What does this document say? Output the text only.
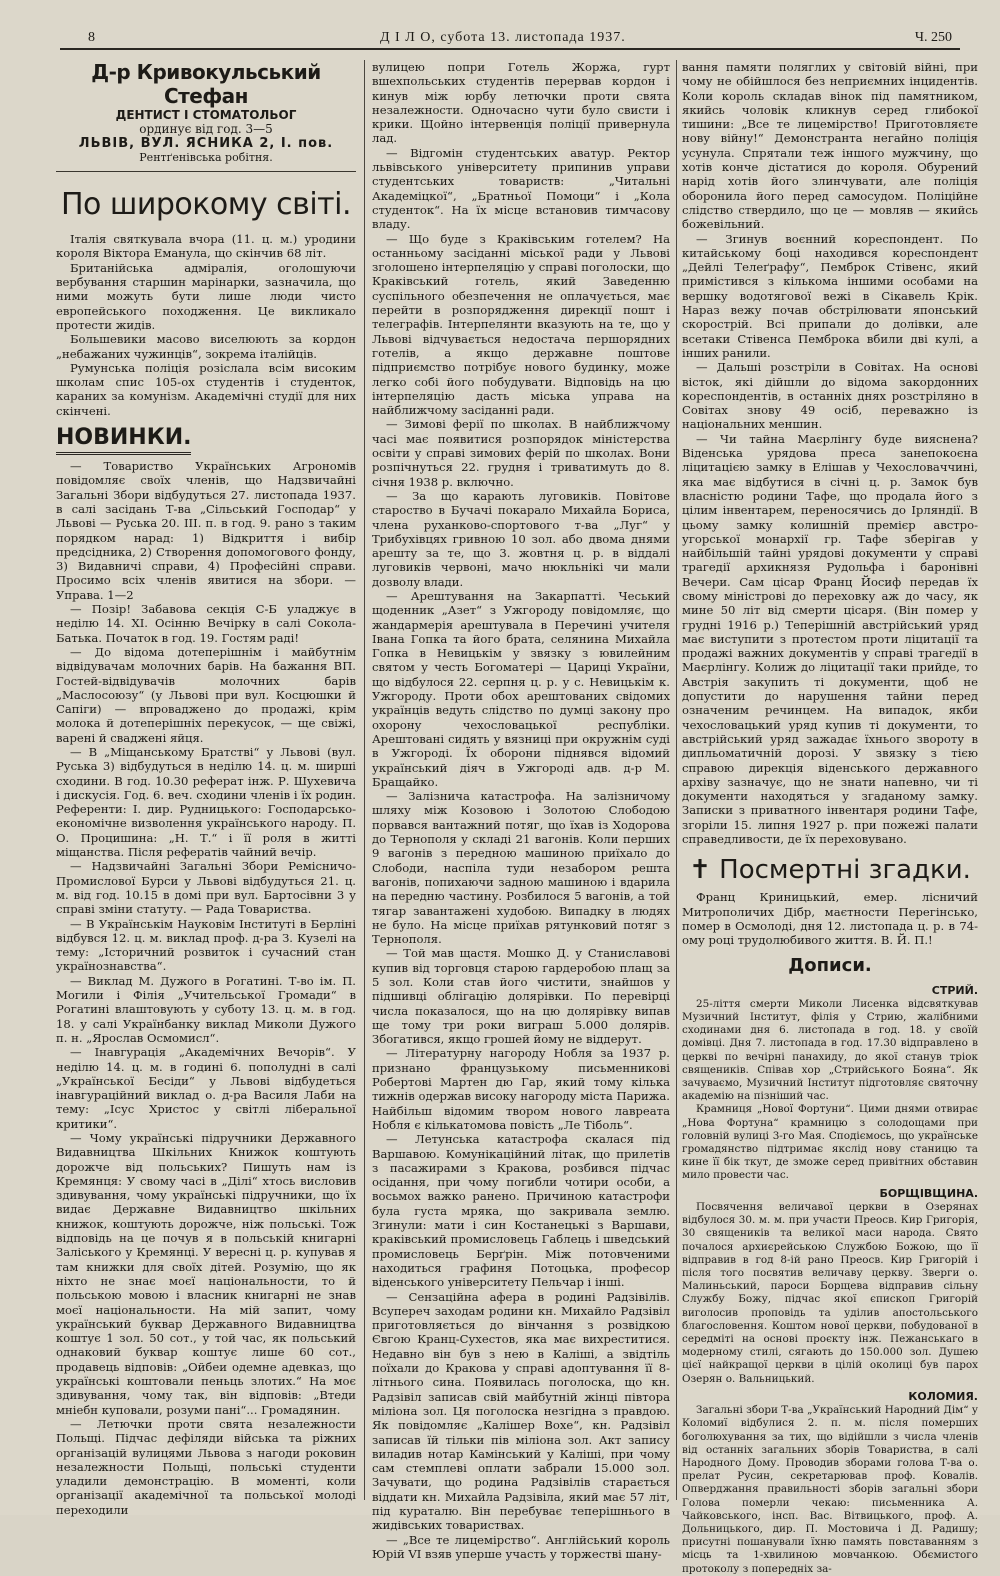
8	Д І Л О, субота 13. листопада 1937.	Ч. 250
Д-р Кривокульський Стефан
ДЕНТИСТ І СТОМАТОЛЬОГ
ординує від год. 3—5
ЛЬВІВ, ВУЛ. ЯСНИКА 2, І. пов.
Рентґенівська робітня.
По широкому світі.

Італія святкувала вчора (11. ц. м.) уродини короля Віктора Еманула, що скінчив 68 літ.

Британійська адміралія, оголошуючи вербування старшин марінарки, зазначила, що ними можуть бути лише люди чисто европейського походження. Це викликало протести жидів.

Большевики масово виселюють за кордон „небажаних чужинців“, зокрема італійців.

Румунська поліція розіслала всім високим школам спис 105-ох студентів і студенток, караних за комунізм. Академічні студії для них скінчені.

НОВИНКИ.

— Товариство Українських Агрономів повідомляє своїх членів, що Надзвичайні Загальні Збори відбудуться 27. листопада 1937. в салі засідань Т-ва „Сільський Господар“ у Львові — Руська 20. ІІІ. п. в год. 9. рано з таким порядком нарад: 1) Відкриття і вибір предсідника, 2) Створення допомогового фонду, 3) Видавничі справи, 4) Професійні справи. Просимо всіх членів явитися на збори. — Управа. 1—2

— Позір! Забавова секція С-Б уладжує в неділю 14. ХІ. Осінню Вечірку в салі Сокола-Батька. Початок в год. 19. Гостям раді!

— До відома дотеперішнім і майбутнім відвідувачам молочних барів. На бажання ВП. Гостей-відвідувачів молочних барів „Маслосоюзу“ (у Львові при вул. Косцюшки й Сапіги) — впроваджено до продажі, крім молока й дотеперішніх перекусок, — ще свіжі, варені й сваджені яйця.

— В „Міщанському Братстві“ у Львові (вул. Руська 3) відбудуться в неділю 14. ц. м. ширші сходини. В год. 10.30 реферат інж. Р. Шухевича і дискусія. Год. 6. веч. сходини членів і їх родин. Референти: І. дир. Рудницького: Господарсько-економічне визволення українського народу. П. О. Процишина: „Н. Т.“ і її роля в житті міщанства. Після рефератів чайний вечір.

— Надзвичайні Загальні Збори Ремісничо-Промислової Бурси у Львові відбудуться 21. ц. м. від год. 10.15 в домі при вул. Бартосівни 3 у справі зміни статуту. — Рада Товариства.

— В Українськім Науковім Інституті в Берліні відбувся 12. ц. м. виклад проф. д-ра З. Кузелі на тему: „Історичний розвиток і сучасний стан українознавства“.

— Виклад М. Дужого в Рогатині. Т-во ім. П. Могили і Філія „Учительської Громади“ в Рогатині влаштовують у суботу 13. ц. м. в год. 18. у салі Українбанку виклад Миколи Дужого п. н. „Ярослав Осмомисл“.

— Інавгурація „Академічних Вечорів“. У неділю 14. ц. м. в годині 6. пополудні в салі „Української Бесіди“ у Львові відбудеться інавгураційний виклад о. д-ра Василя Лаби на тему: „Ісус Христос у світлі ліберальної критики“.

— Чому українські підручники Державного Видавництва Шкільних Книжок коштують дорожче від польських? Пишуть нам із Кремянця: У свому часі в „Ділі“ хтось висловив здивування, чому українські підручники, що їх видає Державне Видавництво шкільних книжок, коштують дорожче, ніж польські. Тож відповідь на це почув я в польській книгарні Заліського у Кремянці. У вересні ц. р. купував я там книжки для своїх дітей. Розумію, що як ніхто не знає моєї національности, то й польською мовою і власник книгарні не знав моєї національности. На мій запит, чому український буквар Державного Видавництва коштує 1 зол. 50 сот., у той час, як польський однаковий буквар коштує лише 60 сот., продавець відповів: „Ойбеи одемне адевказ, що українські коштовали пеньць злотих.“ На моє здивування, чому так, він відповів: „Втеди мніебн куповали, розуми пані“... Громадянин.

— Летючки проти свята незалежности Польщі. Підчас дефіляди війська та ріжних організацій вулицями Львова з нагоди роковин незалежности Польщі, польські студенти уладили демонстрацію. В моменті, коли організації академічної та польської молоді переходили

вулицею попри Готель Жоржа, гурт вшехпольських студентів перервав кордон і кинув між юрбу летючки проти свята незалежности. Одночасно чути було свисти і крики. Щойно інтервенція поліції привернула лад.

— Відгомін студентських аватур. Ректор львівського університету припинив управи студентських товариств: „Читальні Академіцкої“, „Братньої Помоци“ і „Кола студенток“. На їх місце встановив тимчасову владу.

— Що буде з Краківським готелем? На останньому засіданні міської ради у Львові зголошено інтерпеляцію у справі поголоски, що Краківський готель, який Заведенню суспільного обезпечення не оплачується, має перейти в розпорядження дирекції пошт і телеграфів. Інтерпелянти вказують на те, що у Львові відчувається недостача першорядних готелів, а якщо державне поштове підприємство потрібує нового будинку, може легко собі його побудувати. Відповідь на цю інтерпеляцію дасть міська управа на найближчому засіданні ради.

— Зимові ферії по школах. В найближчому часі має появитися розпорядок міністерства освіти у справі зимових ферій по школах. Вони розпічнуться 22. грудня і триватимуть до 8. січня 1938 р. включно.

— За що карають луговиків. Повітове староство в Бучачі покарало Михайла Бориса, члена руханково-спортового т-ва „Луг“ у Трибухівцях гривною 10 зол. або двома днями арешту за те, що 3. жовтня ц. р. в віддалі луговиків червоні, мачо нюкльнікі чи мали дозволу влади.

— Арештування на Закарпатті. Чеський щоденник „Азет“ з Ужгороду повідомляє, що жандармерія арештувала в Перечині учителя Івана Гопка та його брата, селянина Михайла Гопка в Невицькім у звязку з ювилейним святом у честь Богоматері — Цариці України, що відбулося 22. серпня ц. р. у с. Невицькім к. Ужгороду. Проти обох арештованих свідомих українців ведуть слідство по думці закону про охорону чехословацької республіки. Арештовані сидять у вязниці при окружнім суді в Ужгороді. Їх оборони піднявся відомий український діяч в Ужгороді адв. д-р М. Бращайко.

— Залізнича катастрофа. На залізничому шляху між Козовою і Золотою Слободою порвався вантажний потяг, що їхав із Ходорова до Тернополя у складі 21 вагонів. Коли перших 9 вагонів з передною машиною приїхало до Слободи, наспіла туди незабором решта вагонів, попихаючи задною машиною і вдарила на передню частину. Розбилося 5 вагонів, а той тягар завантажені худобою. Випадку в людях не було. На місце приїхав рятунковий потяг з Тернополя.

— Той мав щастя. Мошко Д. у Станиславові купив від торговця старою гардеробою плащ за 5 зол. Коли став його чистити, знайшов у підшивці облігацію долярівки. По перевірці числа показалося, що на цю долярівку випав ще тому три роки виграш 5.000 долярів. Збогатився, якщо грошей йому не віддерут.

— Літературну нагороду Нобля за 1937 р. признано французькому письменникові Робертові Мартен дю Гар, який тому кілька тижнів одержав високу нагороду міста Парижа. Найбільш відомим твором нового лавреата Нобля є кількатомова повість „Ле Тіболь“.

— Летунська катастрофа скалася під Варшавою. Комунікаційний літак, що прилетів з пасажирами з Кракова, розбився підчас осідання, при чому погибли чотири особи, а восьмох важко ранено. Причиною катастрофи була густа мряка, що закривала землю. Згинули: мати і син Костанецькі з Варшави, краківський промисловець Габлець і шведський промисловець Берґрін. Між потовченими находиться графиня Потоцька, професор віденського університету Пельчар і інші.

— Сензаційна афера в родині Радзівілів. Всупереч заходам родини кн. Михайло Радзівіл приготовляється до вінчання з розвідкою Євгою Кранц-Сухестов, яка має вихреститися. Недавно він був з нею в Каліші, а звідтіль поїхали до Кракова у справі адоптування її 8-літнього сина. Появилась поголоска, що кн. Радзівіл записав свій майбутній жінці півтора міліона зол. Ця поголоска незгідна з правдою. Як повідомляє „Калішер Вохе“, кн. Радзівіл записав їй тільки пів міліона зол. Акт запису виладив нотар Камінський у Каліші, при чому сам стемплеві оплати забрали 15.000 зол. Зачувати, що родина Радзівілів старається віддати кн. Михайла Радзівіла, який має 57 літ, під кураталю. Він перебуває теперішнього в жидівських товариствах.

— „Все те лицемірство“. Англійський король Юрій VI взяв уперше участь у торжестві шану-

вання памяти поляглих у світовій війні, при чому не обійшлося без неприємних інцидентів. Коли король складав вінок під памятником, якийсь чоловік кликнув серед глибокої тишини: „Все те лицемірство! Приготовляєте нову війну!“ Демонстранта негайно поліція усунула. Спрятали теж іншого мужчину, що хотів конче дістатися до короля. Обурений нарід хотів його злинчувати, але поліція оборонила його перед самосудом. Поліційне слідство ствердило, що це — мовляв — якийсь божевільний.

— Згинув воєнний кореспондент. По китайському боці находився кореспондент „Дейлі Телеґрафу“, Пемброк Стівенс, який примістився з кількома іншими особами на вершку водотягової вежі в Сікавель Крік. Нараз вежу почав обстрілювати японський скорострій. Всі припали до долівки, але всетаки Стівенса Пемброка вбили дві кулі, а інших ранили.

— Дальші розстріли в Совітах. На основі вісток, які дійшли до відома закордонних кореспондентів, в останніх днях розстріляно в Совітах знову 49 осіб, переважно із національних меншин.

— Чи тайна Маєрлінгу буде вияснена? Віденська урядова преса занепокоєна ліцитацією замку в Елішав у Чехословаччині, яка має відбутися в січні ц. р. Замок був власністю родини Тафе, що продала його з цілим інвентарем, переносячись до Ірляндії. В цьому замку колишній премієр австро-угорської монархії гр. Тафе зберігав у найбільшій тайні урядові документи у справі трагедії архикнязя Рудольфа і баронівні Вечери. Сам цісар Франц Йосиф передав їх свому міністрові до переховку аж до часу, як мине 50 літ від смерти цісаря. (Він помер у грудні 1916 р.) Теперішній австрійський уряд має виступити з протестом проти ліцитації та продажі важних документів у справі трагедії в Маєрлінгу. Колиж до ліцитації таки прийде, то Австрія закупить ті документи, щоб не допустити до нарушення тайни перед означеним речинцем. На випадок, якби чехословацький уряд купив ті документи, то австрійський уряд зажадає їхнього звороту в дипльоматичній дорозі. У звязку з тією справою дирекція віденського державного архіву зазначує, що не знати напевно, чи ті документи находяться у згаданому замку. Записки з приватного інвентаря родини Тафе, згоріли 15. липня 1927 р. при пожежі палати справедливости, де їх переховувано.

✝ Посмертні згадки.

Франц Криницький, емер. лісничий Митрополичих Дібр, маєтности Перегінсько, помер в Осмолоді, дня 12. листопада ц. р. в 74-ому році трудолюбивого життя. В. Й. П.!

Дописи.
СТРИЙ.

25-ліття смерти Миколи Лисенка відсвяткував Музичний Інститут, філія у Стрию, жалібними сходинами дня 6. листопада в год. 18. у своїй домівці. Дня 7. листопада в год. 17.30 відправлено в церкві по вечірні панахиду, до якої станув тріок священиків. Співав хор „Стрийського Бояна“. Як зачуваємо, Музичний Інститут підготовляє святочну академію на пізніший час.

Крамниця „Нової Фортуни“. Цими днями отвирає „Нова Фортуна“ крамницю з солодощами при головній вулиці 3-го Мая. Сподіємось, що українське громадянство підтримає якслід нову станицю та кине її бік ткут, де зможе серед привітних обставин мило провести час.

БОРЩІВЩИНА.

Посвячення величавої церкви в Озерянах відбулося 30. м. м. при участи Преосв. Кир Григорія, 30 священиків та великої маси народа. Свято почалося архиєрейською Службою Божою, що її відправив в год 8-ій рано Преосв. Кир Григорій і після того посвятив величаву церкву. Зверги о. Малиньський, пароси Борщева відправив сільну Службу Божу, підчас якої єпископ Григорій виголосив проповідь та уділив апостольського благословення. Коштом нової церкви, побудованої в середміті на основі проєкту інж. Пежанськаго в модерному стилі, сягають до 150.000 зол. Душею цієї найкращої церкви в цілій околиці був парох Озерян о. Вальницький.

КОЛОМИЯ.

Загальні збори Т-ва „Український Народний Дім“ у Коломиї відбулися 2. п. м. після померших боголюхування за тих, що відійшли з числа членів від останніх загальних зборів Товариства, в салі Народного Дому. Проводив зборами голова Т-ва о. прелат Русин, секретарював проф. Ковалів. Опверджання правильності зборів загальні збори Голова померли чекаю: письменника А. Чайковського, інсп. Вас. Вітвицького, проф. А. Дольницького, дир. П. Мостовича і Д. Радишу; присутні пошанували їхню память повставанням з місць та 1-хвилиною мовчанкою. Обємистого протоколу з попередніх за-
